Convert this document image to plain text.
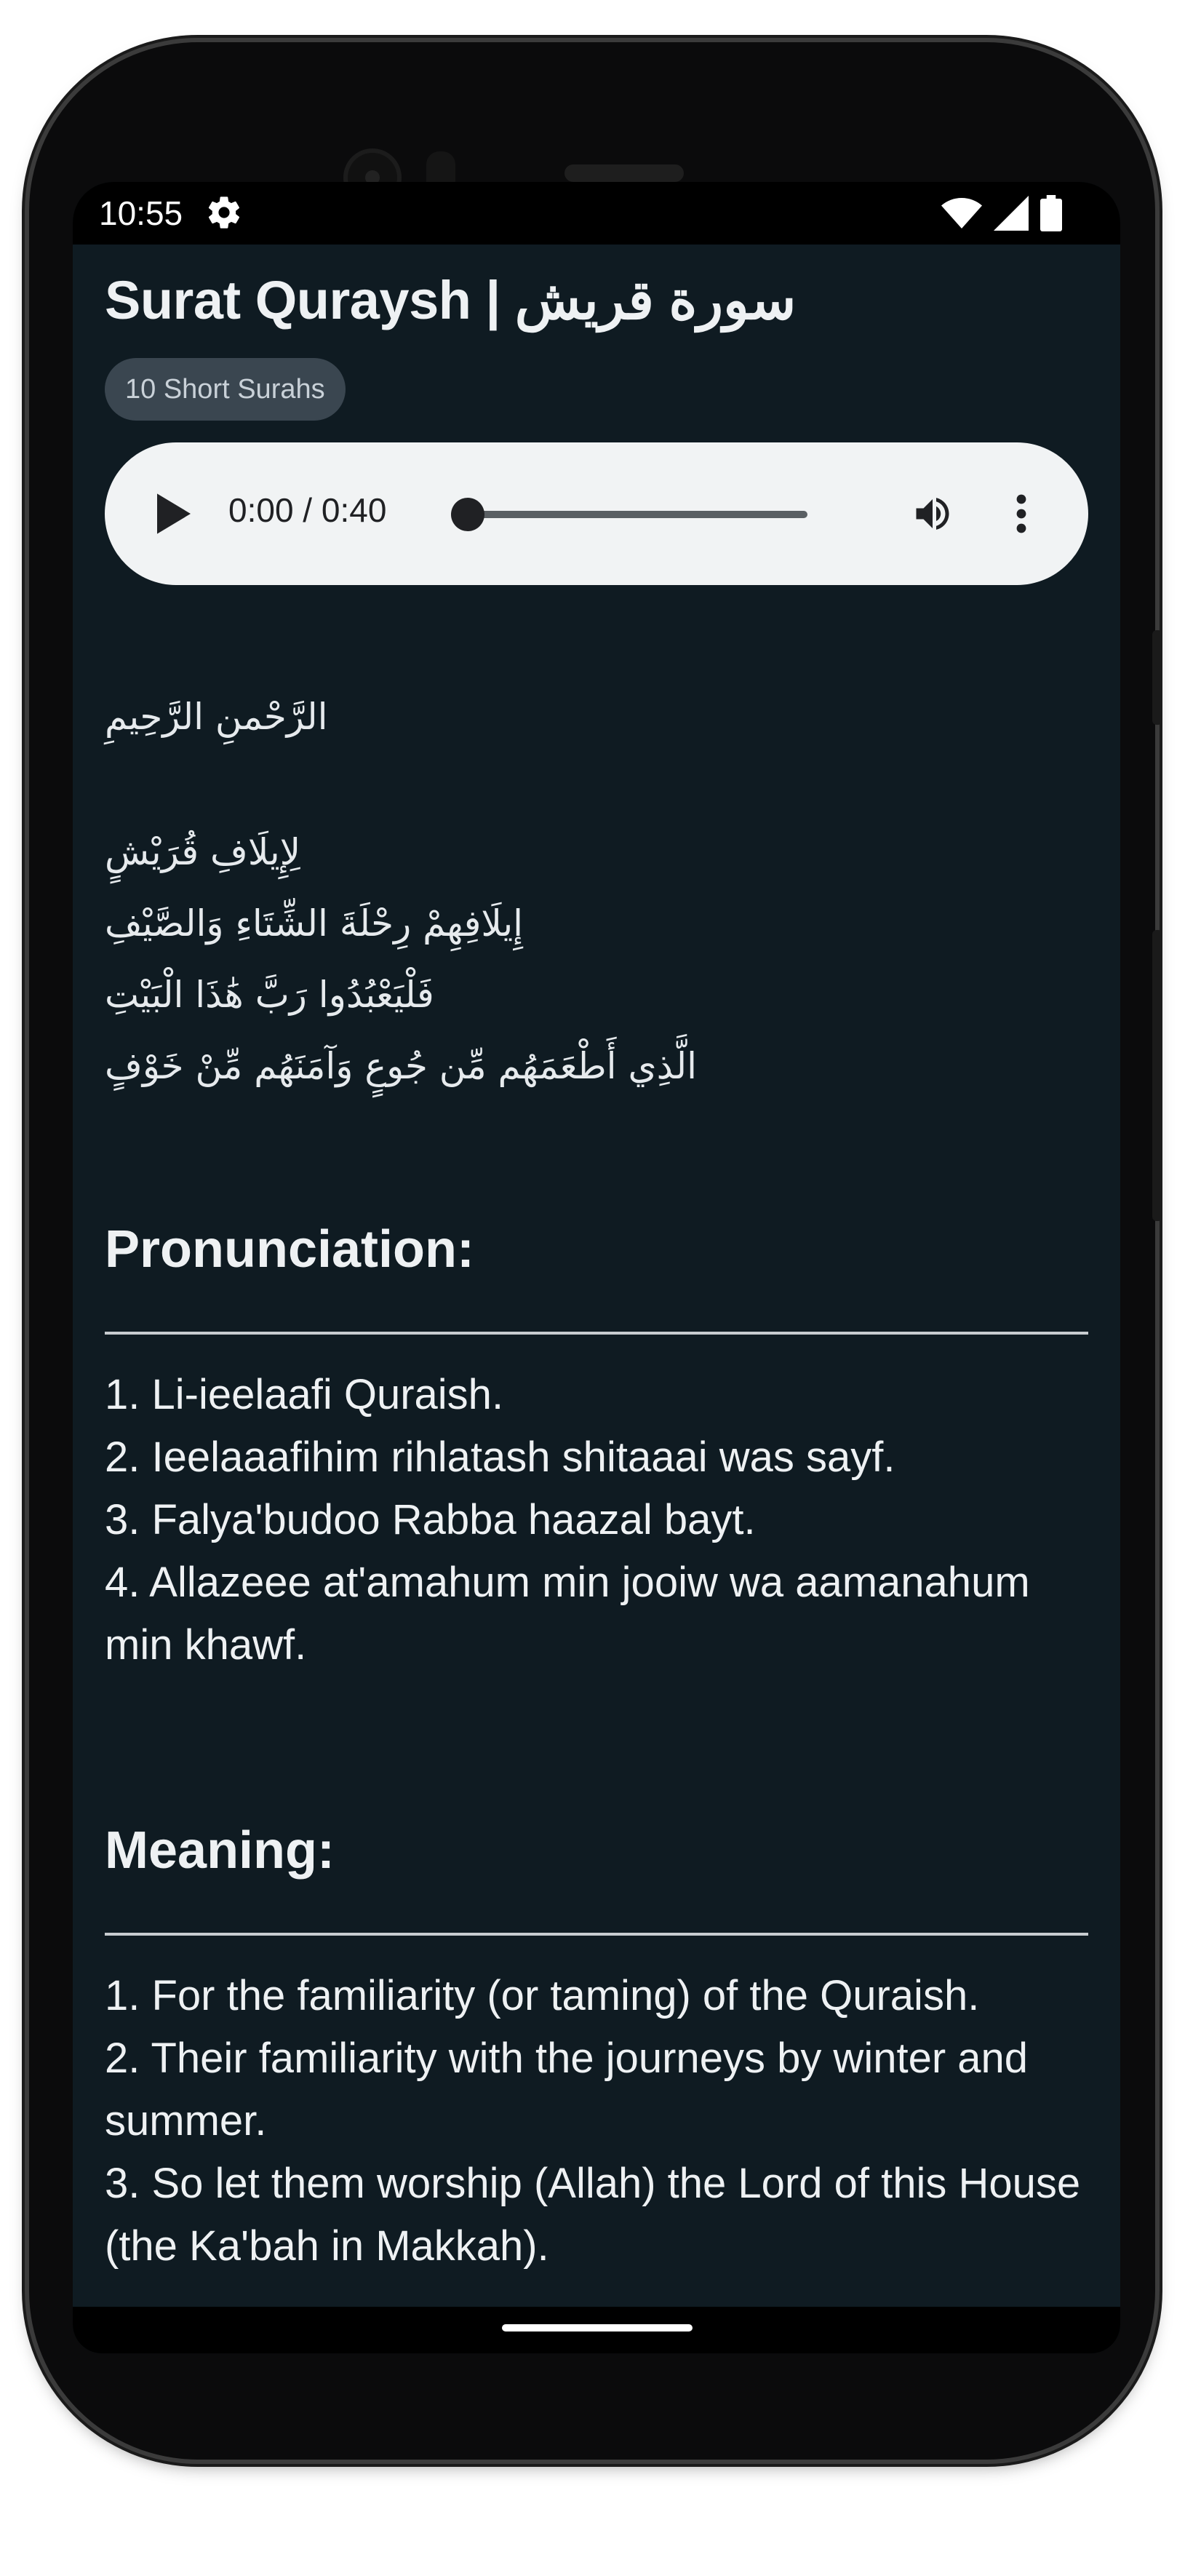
10:55
Surat Quraysh | سورة قريش
10 Short Surahs
0:00 / 0:40
الرَّحْمنِ الرَّحِيمِ
لِإِيلَافِ قُرَيْشٍ
إِيلَافِهِمْ رِحْلَةَ الشِّتَاءِ وَالصَّيْفِ
فَلْيَعْبُدُوا رَبَّ هَٰذَا الْبَيْتِ
الَّذِي أَطْعَمَهُم مِّن جُوعٍ وَآمَنَهُم مِّنْ خَوْفٍ
Pronunciation:
1. Li-ieelaafi Quraish.
2. Ieelaaafihim rihlatash shitaaai was sayf.
3. Falya'budoo Rabba haazal bayt.
4. Allazeee at'amahum min jooiw wa aamanahum min khawf.
Meaning:
1. For the familiarity (or taming) of the Quraish.
2. Their familiarity with the journeys by winter and summer.
3. So let them worship (Allah) the Lord of this House (the Ka'bah in Makkah).
